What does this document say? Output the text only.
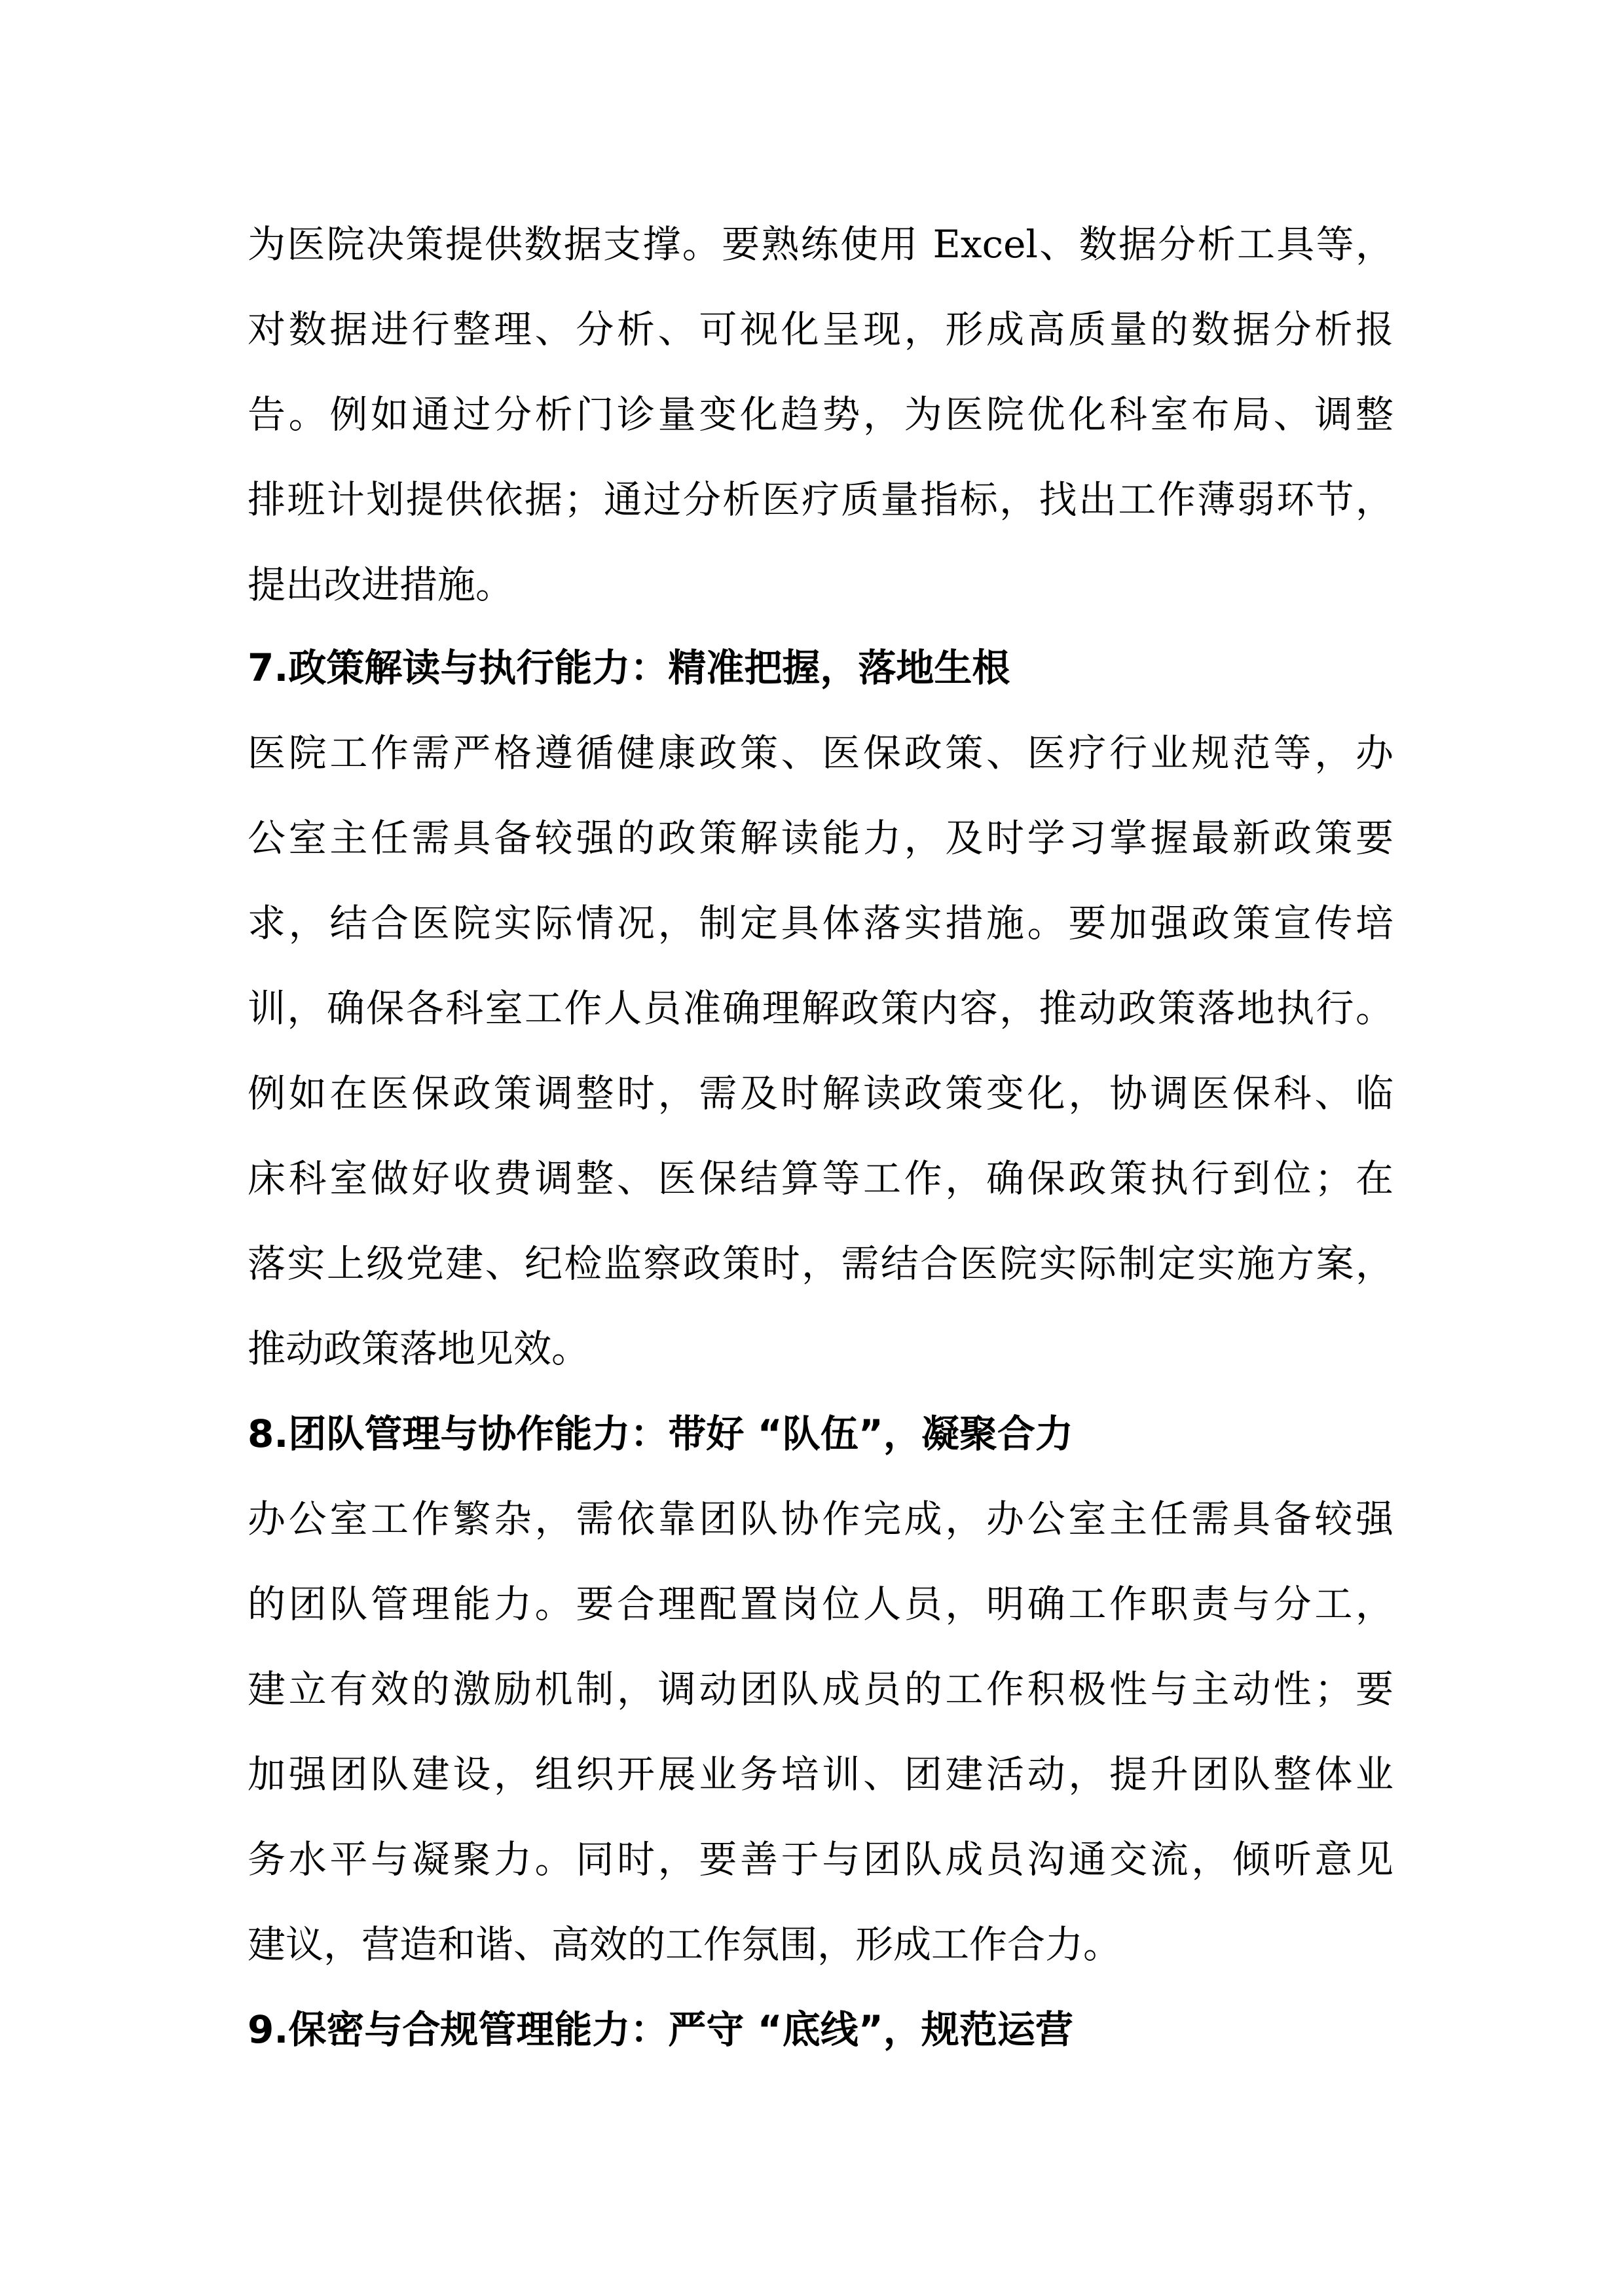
为医院决策提供数据支撑。要熟练使用 Excel、数据分析工具等，
对数据进行整理、分析、可视化呈现，形成高质量的数据分析报
告。例如通过分析门诊量变化趋势，为医院优化科室布局、调整
排班计划提供依据；通过分析医疗质量指标，找出工作薄弱环节，
提出改进措施。
7.政策解读与执行能力：精准把握，落地生根
医院工作需严格遵循健康政策、医保政策、医疗行业规范等，办
公室主任需具备较强的政策解读能力，及时学习掌握最新政策要
求，结合医院实际情况，制定具体落实措施。要加强政策宣传培
训，确保各科室工作人员准确理解政策内容，推动政策落地执行。
例如在医保政策调整时，需及时解读政策变化，协调医保科、临
床科室做好收费调整、医保结算等工作，确保政策执行到位；在
落实上级党建、纪检监察政策时，需结合医院实际制定实施方案，
推动政策落地见效。
8.团队管理与协作能力：带好 “队伍”，凝聚合力
办公室工作繁杂，需依靠团队协作完成，办公室主任需具备较强
的团队管理能力。要合理配置岗位人员，明确工作职责与分工，
建立有效的激励机制，调动团队成员的工作积极性与主动性；要
加强团队建设，组织开展业务培训、团建活动，提升团队整体业
务水平与凝聚力。同时，要善于与团队成员沟通交流，倾听意见
建议，营造和谐、高效的工作氛围，形成工作合力。
9.保密与合规管理能力：严守 “底线”，规范运营
